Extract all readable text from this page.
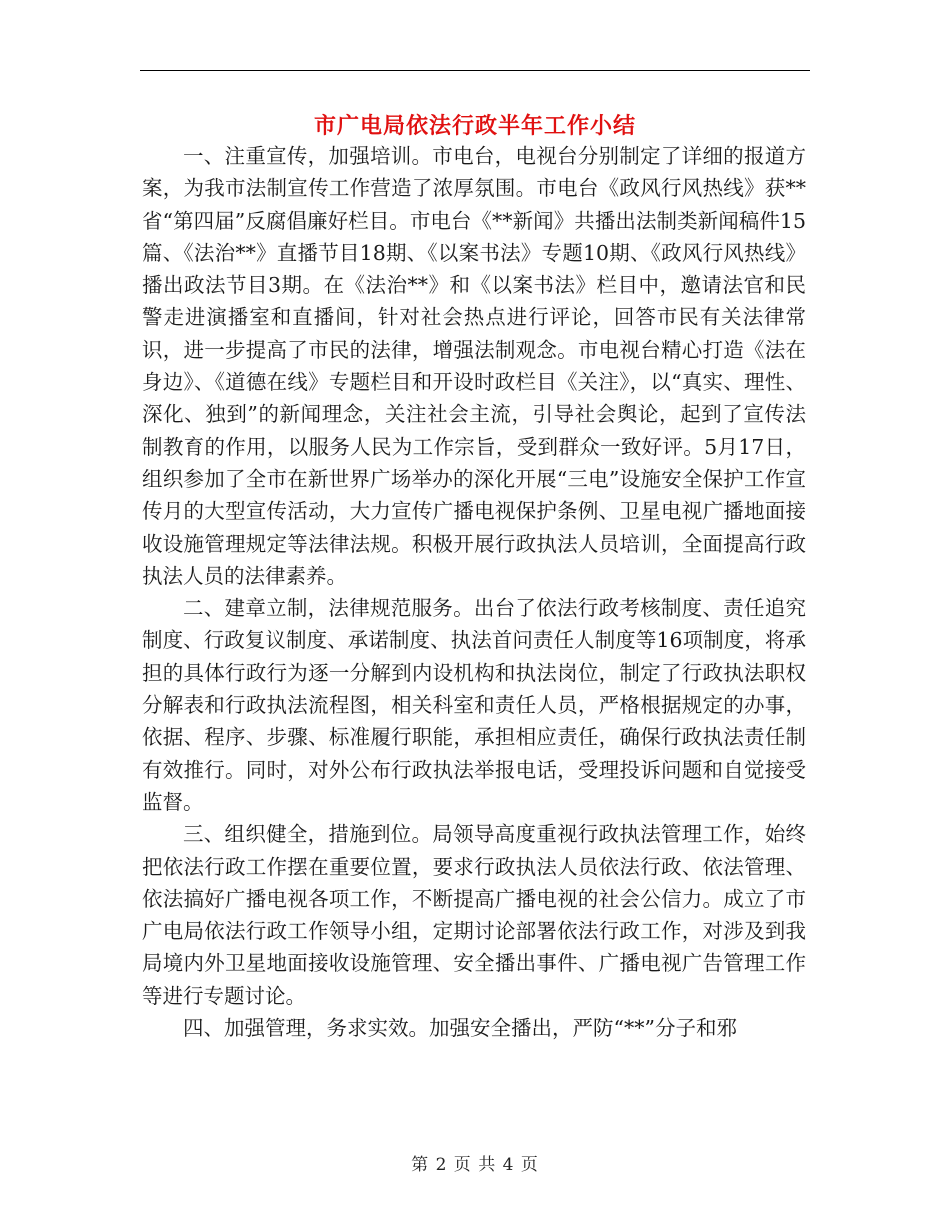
市广电局依法行政半年工作小结

一、注重宣传，加强培训。市电台，电视台分别制定了详细的报道方案，为我市法制宣传工作营造了浓厚氛围。市电台《政风行风热线》获**省“第四届”反腐倡廉好栏目。市电台《**新闻》共播出法制类新闻稿件15篇、《法治**》直播节目18期、《以案书法》专题10期、《政风行风热线》播出政法节目3期。在《法治**》和《以案书法》栏目中，邀请法官和民警走进演播室和直播间，针对社会热点进行评论，回答市民有关法律常识，进一步提高了市民的法律，增强法制观念。市电视台精心打造《法在身边》、《道德在线》专题栏目和开设时政栏目《关注》，以“真实、理性、深化、独到”的新闻理念，关注社会主流，引导社会舆论，起到了宣传法制教育的作用，以服务人民为工作宗旨，受到群众一致好评。5月17日，组织参加了全市在新世界广场举办的深化开展“三电”设施安全保护工作宣传月的大型宣传活动，大力宣传广播电视保护条例、卫星电视广播地面接收设施管理规定等法律法规。积极开展行政执法人员培训，全面提高行政执法人员的法律素养。

二、建章立制，法律规范服务。出台了依法行政考核制度、责任追究制度、行政复议制度、承诺制度、执法首问责任人制度等16项制度，将承担的具体行政行为逐一分解到内设机构和执法岗位，制定了行政执法职权分解表和行政执法流程图，相关科室和责任人员，严格根据规定的办事，依据、程序、步骤、标准履行职能，承担相应责任，确保行政执法责任制有效推行。同时，对外公布行政执法举报电话，受理投诉问题和自觉接受监督。

三、组织健全，措施到位。局领导高度重视行政执法管理工作，始终把依法行政工作摆在重要位置，要求行政执法人员依法行政、依法管理、依法搞好广播电视各项工作，不断提高广播电视的社会公信力。成立了市广电局依法行政工作领导小组，定期讨论部署依法行政工作，对涉及到我局境内外卫星地面接收设施管理、安全播出事件、广播电视广告管理工作等进行专题讨论。

四、加强管理，务求实效。加强安全播出，严防“**”分子和邪

第 2 页 共 4 页
